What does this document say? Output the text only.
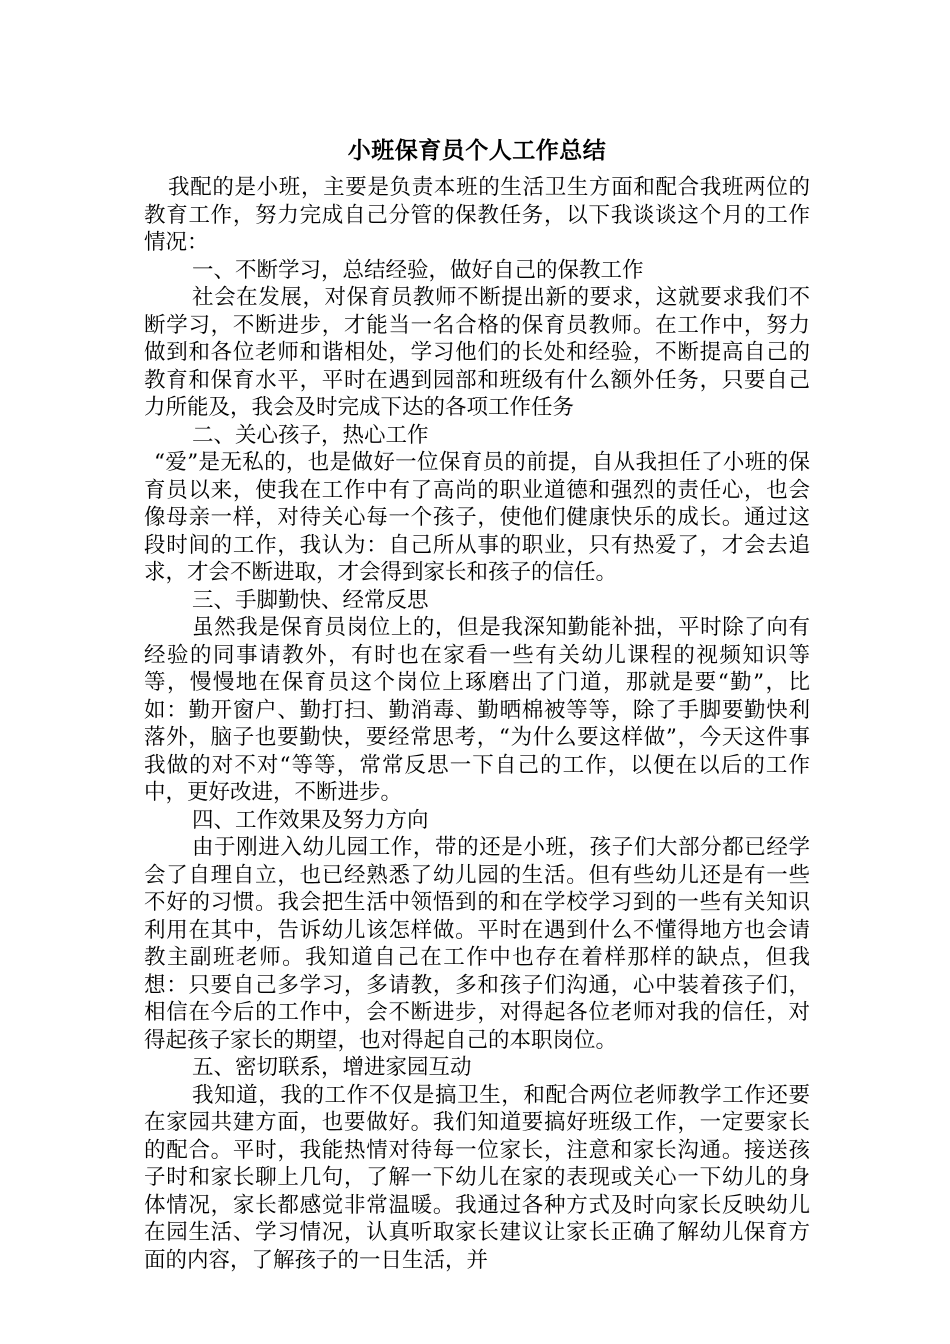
小班保育员个人工作总结

我配的是小班，主要是负责本班的生活卫生方面和配合我班两位的教育工作，努力完成自己分管的保教任务，以下我谈谈这个月的工作情况：

一、不断学习，总结经验，做好自己的保教工作

社会在发展，对保育员教师不断提出新的要求，这就要求我们不断学习，不断进步，才能当一名合格的保育员教师。在工作中，努力做到和各位老师和谐相处，学习他们的长处和经验，不断提高自己的教育和保育水平，平时在遇到园部和班级有什么额外任务，只要自己力所能及，我会及时完成下达的各项工作任务

二、关心孩子，热心工作

“爱”是无私的，也是做好一位保育员的前提，自从我担任了小班的保育员以来，使我在工作中有了高尚的职业道德和强烈的责任心，也会像母亲一样，对待关心每一个孩子，使他们健康快乐的成长。通过这段时间的工作，我认为：自己所从事的职业，只有热爱了，才会去追求，才会不断进取，才会得到家长和孩子的信任。

三、手脚勤快、经常反思

虽然我是保育员岗位上的，但是我深知勤能补拙，平时除了向有经验的同事请教外，有时也在家看一些有关幼儿课程的视频知识等等，慢慢地在保育员这个岗位上琢磨出了门道，那就是要“勤”，比如：勤开窗户、勤打扫、勤消毒、勤晒棉被等等，除了手脚要勤快利落外，脑子也要勤快，要经常思考，“为什么要这样做”，今天这件事我做的对不对“等等，常常反思一下自己的工作，以便在以后的工作中，更好改进，不断进步。

四、工作效果及努力方向

由于刚进入幼儿园工作，带的还是小班，孩子们大部分都已经学会了自理自立，也已经熟悉了幼儿园的生活。但有些幼儿还是有一些不好的习惯。我会把生活中领悟到的和在学校学习到的一些有关知识利用在其中，告诉幼儿该怎样做。平时在遇到什么不懂得地方也会请教主副班老师。我知道自己在工作中也存在着样那样的缺点，但我想：只要自己多学习，多请教，多和孩子们沟通，心中装着孩子们，相信在今后的工作中，会不断进步，对得起各位老师对我的信任，对得起孩子家长的期望，也对得起自己的本职岗位。

五、密切联系，增进家园互动

我知道，我的工作不仅是搞卫生，和配合两位老师教学工作还要在家园共建方面，也要做好。我们知道要搞好班级工作，一定要家长的配合。平时，我能热情对待每一位家长，注意和家长沟通。接送孩子时和家长聊上几句，了解一下幼儿在家的表现或关心一下幼儿的身体情况，家长都感觉非常温暖。我通过各种方式及时向家长反映幼儿在园生活、学习情况，认真听取家长建议让家长正确了解幼儿保育方面的内容，了解孩子的一日生活，并
